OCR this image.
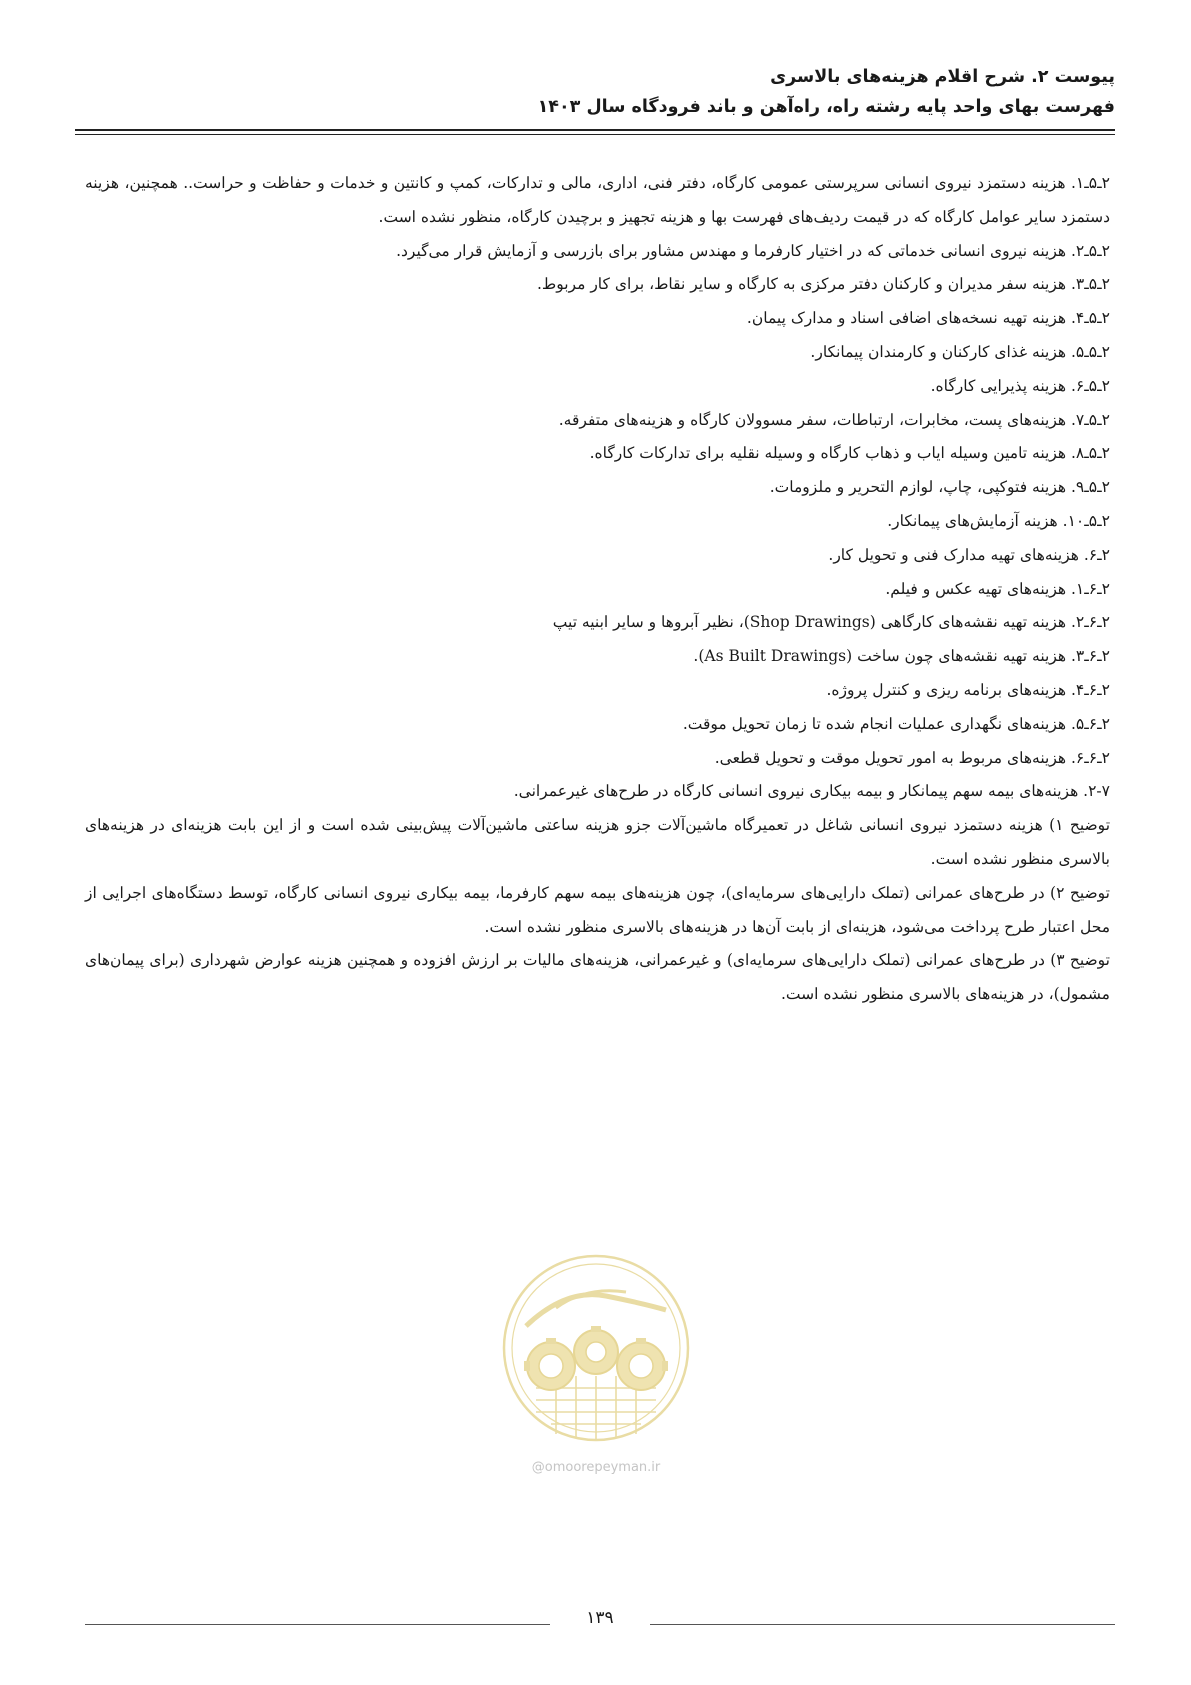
پیوست ۲. شرح اقلام هزینه‌های بالاسری
فهرست بهای واحد پایه رشته راه، راه‌آهن و باند فرودگاه سال ۱۴۰۳

۲ـ۵ـ۱. هزینه دستمزد نیروی انسانی سرپرستی عمومی کارگاه، دفتر فنی، اداری، مالی و تدارکات، کمپ و کانتین و خدمات و حفاظت و حراست.. همچنین، هزینه دستمزد سایر عوامل کارگاه که در قیمت ردیف‌های فهرست بها و هزینه تجهیز و برچیدن کارگاه، منظور نشده است.

۲ـ۵ـ۲. هزینه نیروی انسانی خدماتی که در اختیار کارفرما و مهندس مشاور برای بازرسی و آزمایش قرار می‌گیرد.

۲ـ۵ـ۳. هزینه سفر مدیران و کارکنان دفتر مرکزی به کارگاه و سایر نقاط، برای کار مربوط.

۲ـ۵ـ۴. هزینه تهیه نسخه‌های اضافی اسناد و مدارک پیمان.

۲ـ۵ـ۵. هزینه غذای کارکنان و کارمندان پیمانکار.

۲ـ۵ـ۶. هزینه پذیرایی کارگاه.

۲ـ۵ـ۷. هزینه‌های پست، مخابرات، ارتباطات، سفر مسوولان کارگاه و هزینه‌های متفرقه.

۲ـ۵ـ۸. هزینه تامین وسیله ایاب و ذهاب کارگاه و وسیله نقلیه برای تدارکات کارگاه.

۲ـ۵ـ۹. هزینه فتوکپی، چاپ، لوازم التحریر و ملزومات.

۲ـ۵ـ۱۰. هزینه آزمایش‌های پیمانکار.

۲ـ۶. هزینه‌های تهیه مدارک فنی و تحویل کار.

۲ـ۶ـ۱. هزینه‌های تهیه عکس و فیلم.

۲ـ۶ـ۲. هزینه تهیه نقشه‌های کارگاهی (Shop Drawings)، نظیر آبروها و سایر ابنیه تیپ

۲ـ۶ـ۳. هزینه تهیه نقشه‌های چون ساخت (As Built Drawings).

۲ـ۶ـ۴. هزینه‌های برنامه ریزی و کنترل پروژه.

۲ـ۶ـ۵. هزینه‌های نگهداری عملیات انجام شده تا زمان تحویل موقت.

۲ـ۶ـ۶. هزینه‌های مربوط به امور تحویل موقت و تحویل قطعی.

۲-۷. هزینه‌های بیمه سهم پیمانکار و بیمه بیکاری نیروی انسانی کارگاه در طرح‌های غیرعمرانی.

توضیح ۱) هزینه دستمزد نیروی انسانی شاغل در تعمیرگاه ماشین‌آلات جزو هزینه ساعتی ماشین‌آلات پیش‌بینی شده است و از این بابت هزینه‌ای در هزینه‌های بالاسری منظور نشده است.

توضیح ۲) در طرح‌های عمرانی (تملک دارایی‌های سرمایه‌ای)، چون هزینه‌های بیمه سهم کارفرما، بیمه بیکاری نیروی انسانی کارگاه، توسط دستگاه‌های اجرایی از محل اعتبار طرح پرداخت می‌شود، هزینه‌ای از بابت آن‌ها در هزینه‌های بالاسری منظور نشده است.

توضیح ۳) در طرح‌های عمرانی (تملک دارایی‌های سرمایه‌ای) و غیرعمرانی، هزینه‌های مالیات بر ارزش افزوده و همچنین هزینه عوارض شهرداری (برای پیمان‌های مشمول)، در هزینه‌های بالاسری منظور نشده است.

@omoorepeyman.ir
۱۳۹
